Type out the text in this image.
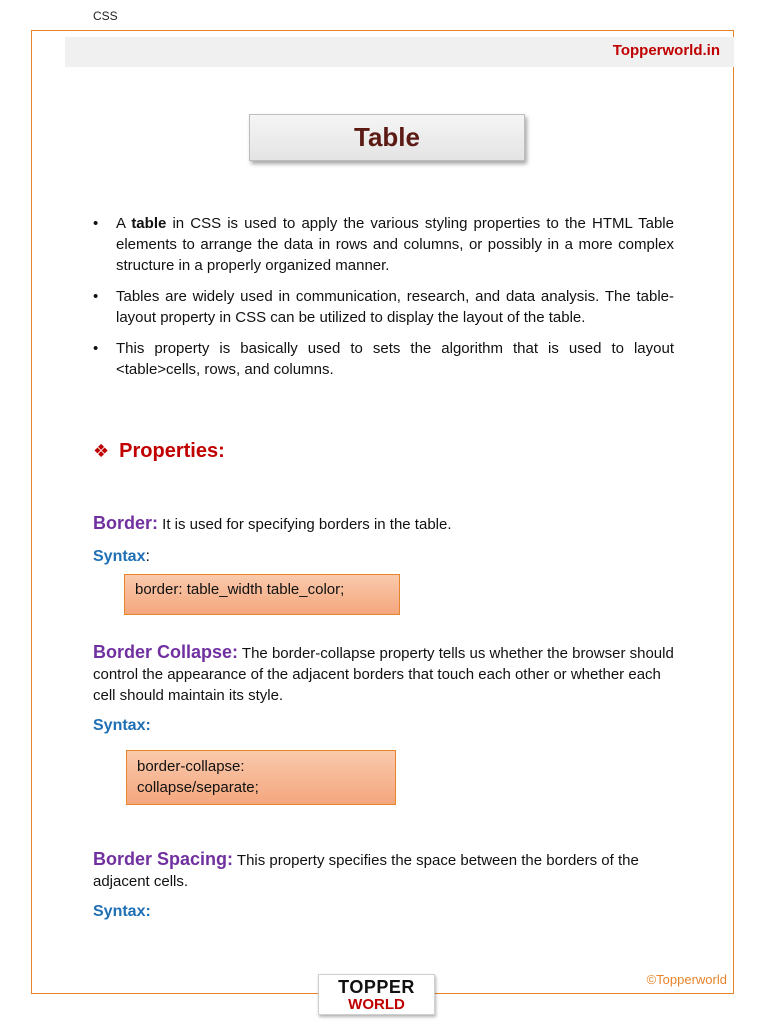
CSS
Topperworld.in
Table
• A table in CSS is used to apply the various styling properties to the HTML Table elements to arrange the data in rows and columns, or possibly in a more complex structure in a properly organized manner.
• Tables are widely used in communication, research, and data analysis. The table-layout property in CSS can be utilized to display the layout of the table.
• This property is basically used to sets the algorithm that is used to layout <table>cells, rows, and columns.
❖ Properties:
Border: It is used for specifying borders in the table.
Syntax:
border: table_width table_color;
Border Collapse: The border-collapse property tells us whether the browser should control the appearance of the adjacent borders that touch each other or whether each cell should maintain its style.
Syntax:
border-collapse:
collapse/separate;
Border Spacing: This property specifies the space between the borders of the adjacent cells.
Syntax:
©Topperworld
TOPPER
WORLD
